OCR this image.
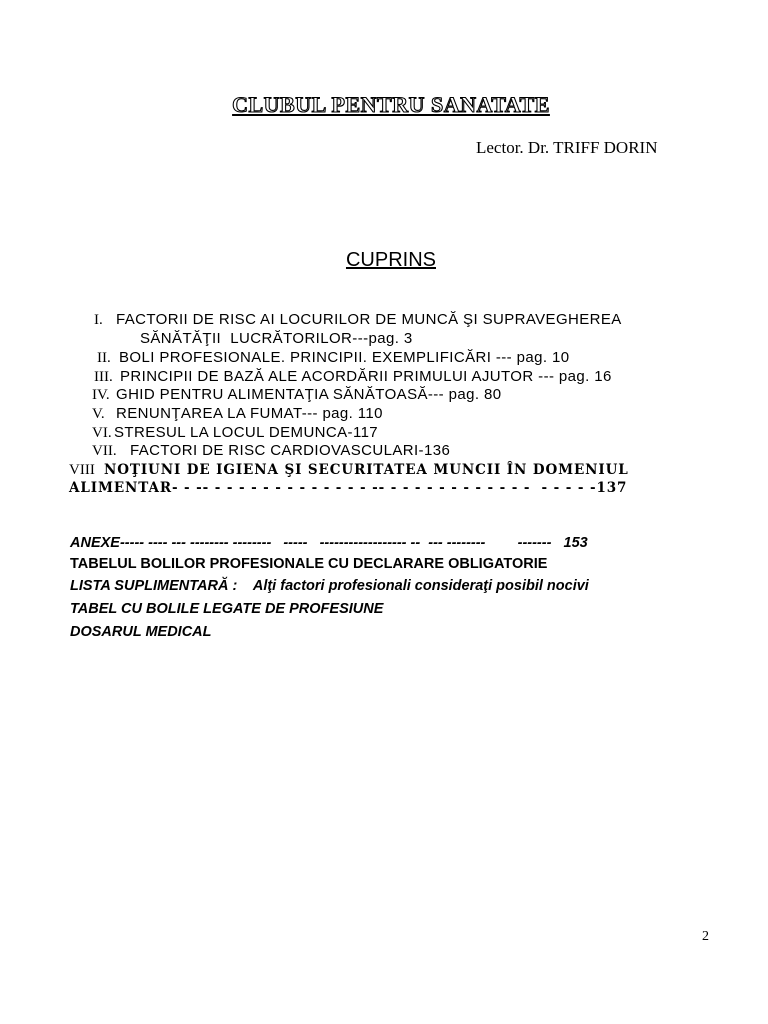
CLUBUL PENTRU SANATATE
Lector. Dr. TRIFF DORIN
CUPRINS
I. FACTORII DE RISC AI LOCURILOR DE MUNCĂ ŞI SUPRAVEGHEREA
SĂNĂTĂŢII  LUCRĂTORILOR---pag. 3
II. BOLI PROFESIONALE. PRINCIPII. EXEMPLIFICĂRI --- pag. 10
III. PRINCIPII DE BAZĂ ALE ACORDĂRII PRIMULUI AJUTOR --- pag. 16
IV. GHID PENTRU ALIMENTAŢIA SĂNĂTOASĂ--- pag. 80
V. RENUNŢAREA LA FUMAT--- pag. 110
VI. STRESUL LA LOCUL DEMUNCA-117
VII. FACTORI DE RISC CARDIOVASCULARI-136
VIII NOŢIUNI DE IGIENA ŞI SECURITATEA MUNCII ÎN DOMENIUL
ALIMENTAR- - -- - - - - - - - - - - - - - -- - - - - - - - - - - - -  - - - - -137
ANEXE----- ---- --- -------- --------   -----   ------------------ --  --- --------        -------   153
TABELUL BOLILOR PROFESIONALE CU DECLARARE OBLIGATORIE
LISTA SUPLIMENTARĂ :    Alţi factori profesionali consideraţi posibil nocivi
TABEL CU BOLILE LEGATE DE PROFESIUNE
DOSARUL MEDICAL
2
